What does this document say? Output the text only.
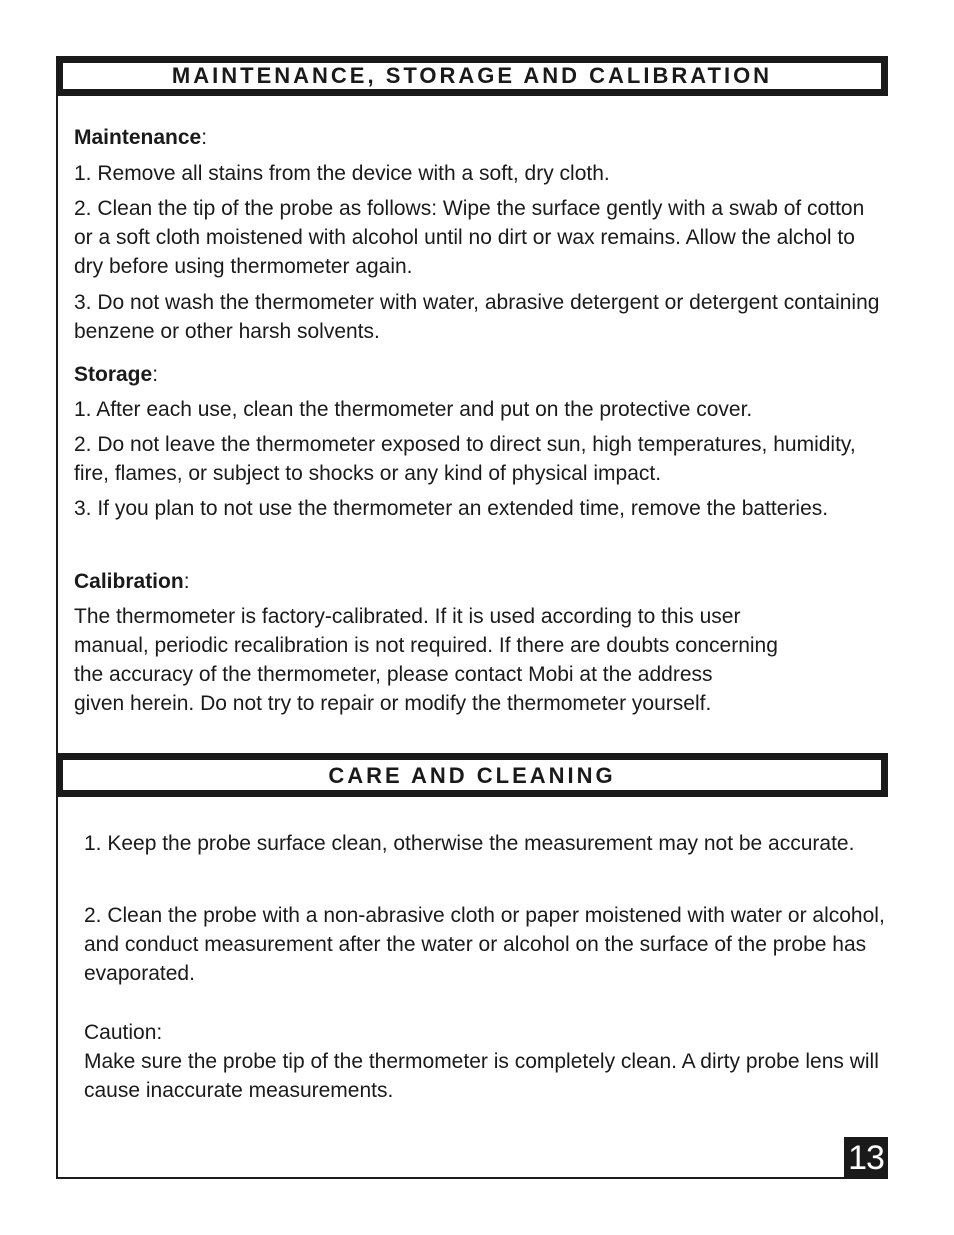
MAINTENANCE, STORAGE AND CALIBRATION

Maintenance:

1. Remove all stains from the device with a soft, dry cloth.

2. Clean the tip of the probe as follows: Wipe the surface gently with a swab of cotton or a soft cloth moistened with alcohol until no dirt or wax remains. Allow the alchol to dry before using thermometer again.

3. Do not wash the thermometer with water, abrasive detergent or detergent containing benzene or other harsh solvents.

Storage:

1. After each use, clean the thermometer and put on the protective cover.

2. Do not leave the thermometer exposed to direct sun, high temperatures, humidity, fire, flames, or subject to shocks or any kind of physical impact.

3. If you plan to not use the thermometer an extended time, remove the batteries.

Calibration:

The thermometer is factory-calibrated. If it is used according to this user
manual, periodic recalibration is not required. If there are doubts concerning
the accuracy of the thermometer, please contact Mobi at the address
given herein. Do not try to repair or modify the thermometer yourself.
CARE AND CLEANING

1. Keep the probe surface clean, otherwise the measurement may not be accurate.

2. Clean the probe with a non-abrasive cloth or paper moistened with water or alcohol, and conduct measurement after the water or alcohol on the surface of the probe has evaporated.

Caution:

Make sure the probe tip of the thermometer is completely clean. A dirty probe lens will cause inaccurate measurements.

13
